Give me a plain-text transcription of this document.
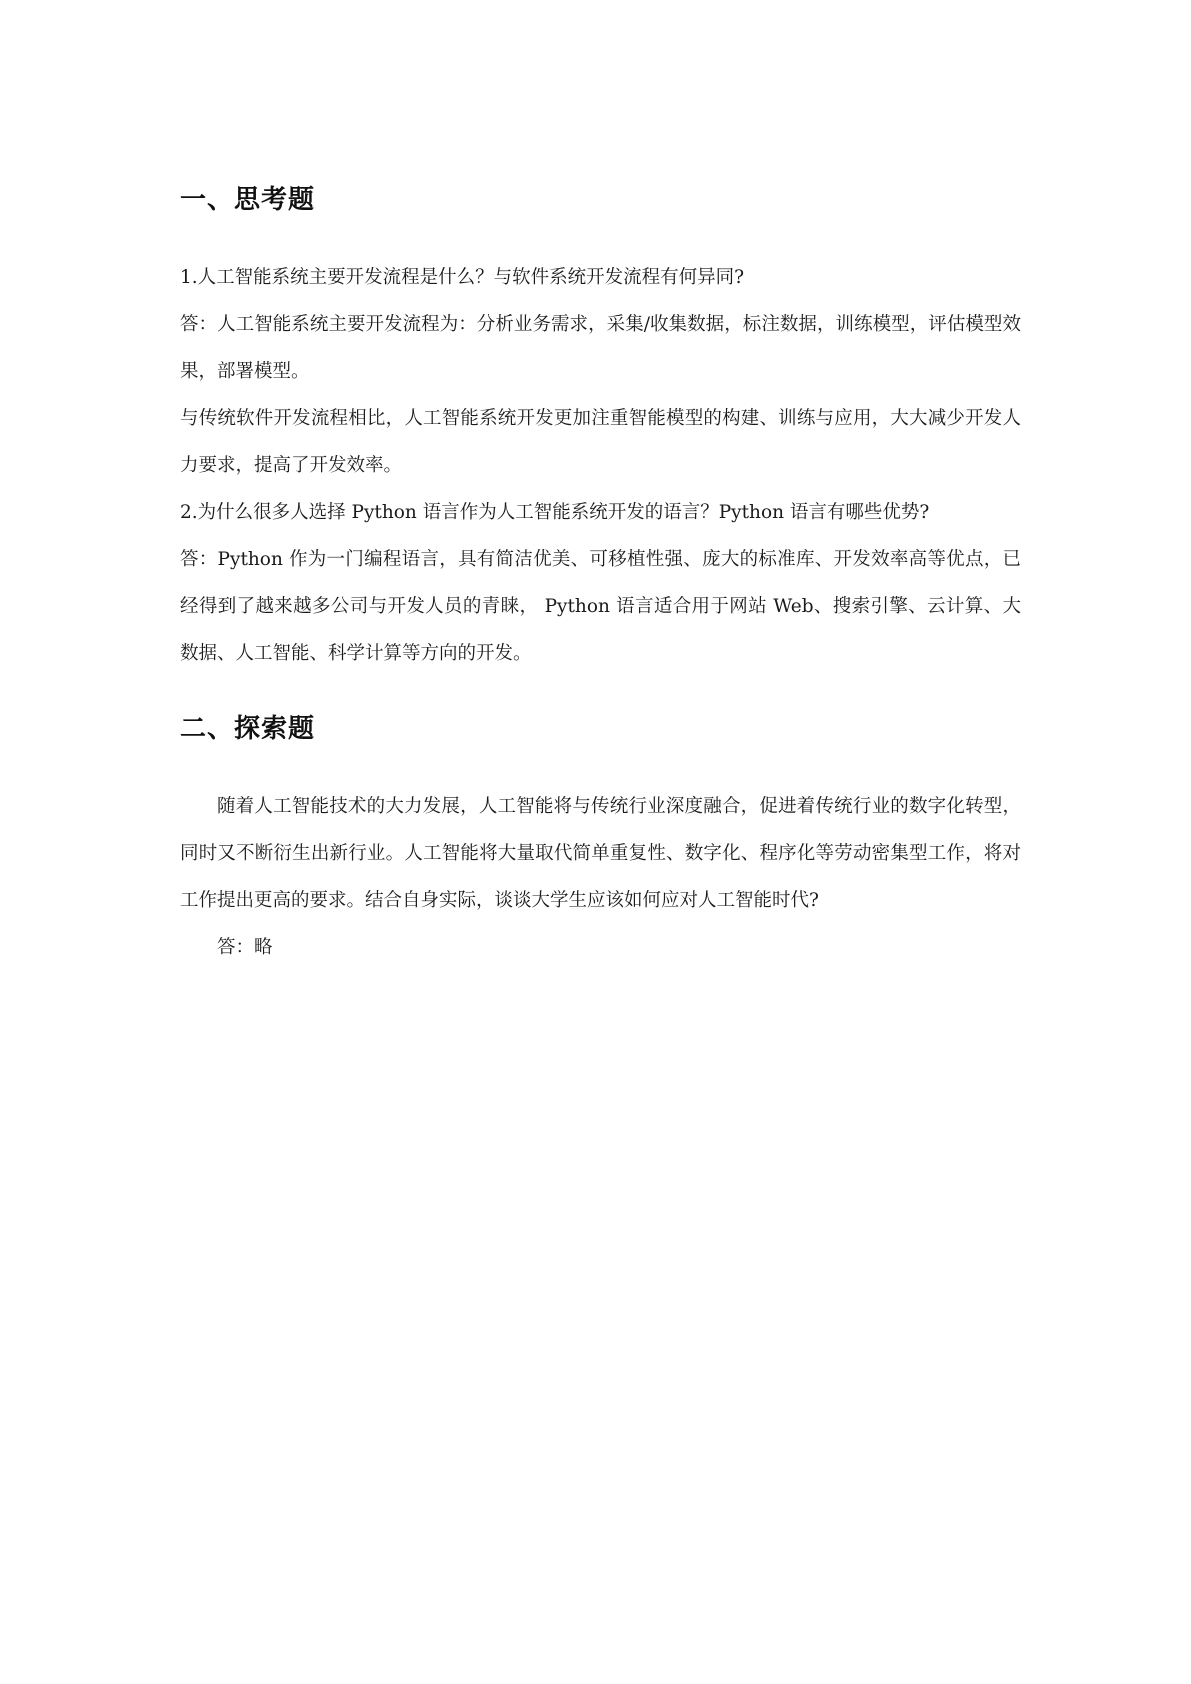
一、思考题

1.人工智能系统主要开发流程是什么？与软件系统开发流程有何异同?

答：人工智能系统主要开发流程为：分析业务需求，采集/收集数据，标注数据，训练模型，评估模型效果，部署模型。

与传统软件开发流程相比，人工智能系统开发更加注重智能模型的构建、训练与应用，大大减少开发人力要求，提高了开发效率。

2.为什么很多人选择 Python 语言作为人工智能系统开发的语言？Python 语言有哪些优势?

答：Python 作为一门编程语言，具有简洁优美、可移植性强、庞大的标准库、开发效率高等优点，已经得到了越来越多公司与开发人员的青睐， Python 语言适合用于网站 Web、搜索引擎、云计算、大数据、人工智能、科学计算等方向的开发。

二、探索题

随着人工智能技术的大力发展，人工智能将与传统行业深度融合，促进着传统行业的数字化转型，同时又不断衍生出新行业。人工智能将大量取代简单重复性、数字化、程序化等劳动密集型工作，将对工作提出更高的要求。结合自身实际，谈谈大学生应该如何应对人工智能时代?

答：略
